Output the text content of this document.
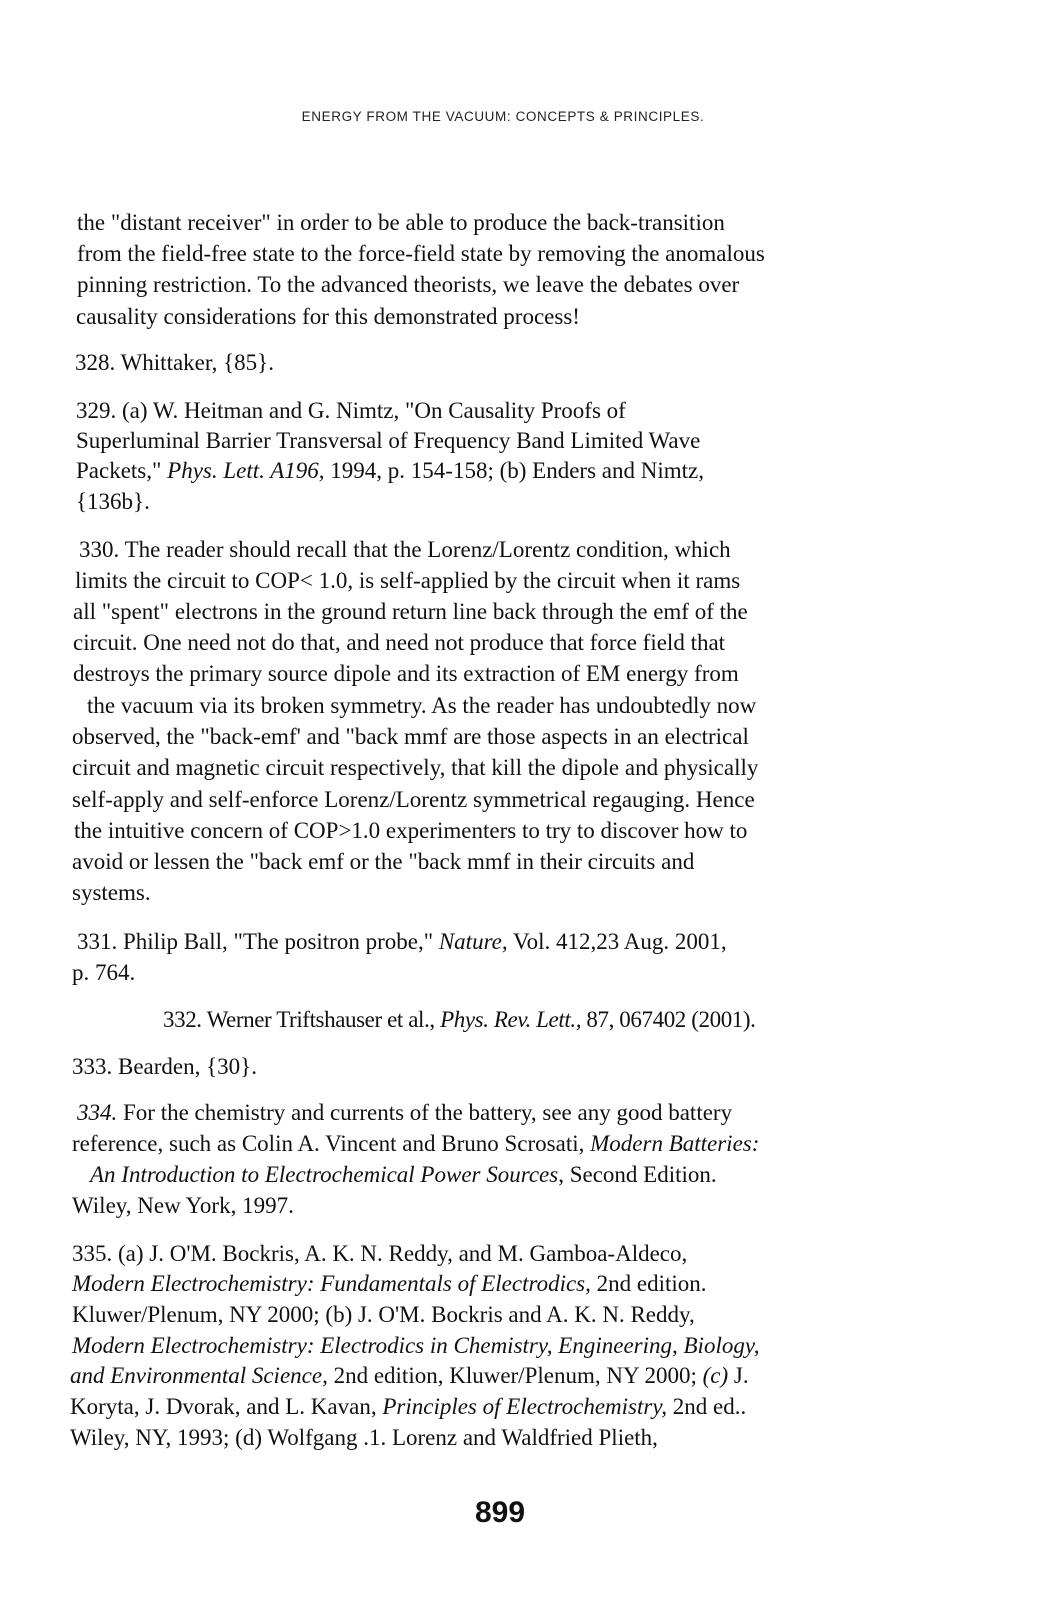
ENERGY FROM THE VACUUM: CONCEPTS & PRINCIPLES.
the "distant receiver" in order to be able to produce the back-transition
from the field-free state to the force-field state by removing the anomalous
pinning restriction. To the advanced theorists, we leave the debates over
causality considerations for this demonstrated process!
328. Whittaker, {85}.
329. (a) W. Heitman and G. Nimtz, "On Causality Proofs of
Superluminal Barrier Transversal of Frequency Band Limited Wave
Packets," Phys. Lett. A196, 1994, p. 154-158; (b) Enders and Nimtz,
{136b}.
330. The reader should recall that the Lorenz/Lorentz condition, which
limits the circuit to COP< 1.0, is self-applied by the circuit when it rams
all "spent" electrons in the ground return line back through the emf of the
circuit. One need not do that, and need not produce that force field that
destroys the primary source dipole and its extraction of EM energy from
the vacuum via its broken symmetry. As the reader has undoubtedly now
observed, the "back-emf' and "back mmf are those aspects in an electrical
circuit and magnetic circuit respectively, that kill the dipole and physically
self-apply and self-enforce Lorenz/Lorentz symmetrical regauging. Hence
the intuitive concern of COP>1.0 experimenters to try to discover how to
avoid or lessen the "back emf or the "back mmf in their circuits and
systems.
331. Philip Ball, "The positron probe," Nature, Vol. 412,23 Aug. 2001,
p. 764.
332. Werner Triftshauser et al., Phys. Rev. Lett., 87, 067402 (2001).
333. Bearden, {30}.
334. For the chemistry and currents of the battery, see any good battery
reference, such as Colin A. Vincent and Bruno Scrosati, Modern Batteries:
An Introduction to Electrochemical Power Sources, Second Edition.
Wiley, New York, 1997.
335. (a) J. O'M. Bockris, A. K. N. Reddy, and M. Gamboa-Aldeco,
Modern Electrochemistry: Fundamentals of Electrodics, 2nd edition.
Kluwer/Plenum, NY 2000; (b) J. O'M. Bockris and A. K. N. Reddy,
Modern Electrochemistry: Electrodics in Chemistry, Engineering, Biology,
and Environmental Science, 2nd edition, Kluwer/Plenum, NY 2000; (c) J.
Koryta, J. Dvorak, and L. Kavan, Principles of Electrochemistry, 2nd ed..
Wiley, NY, 1993; (d) Wolfgang .1. Lorenz and Waldfried Plieth,
899
